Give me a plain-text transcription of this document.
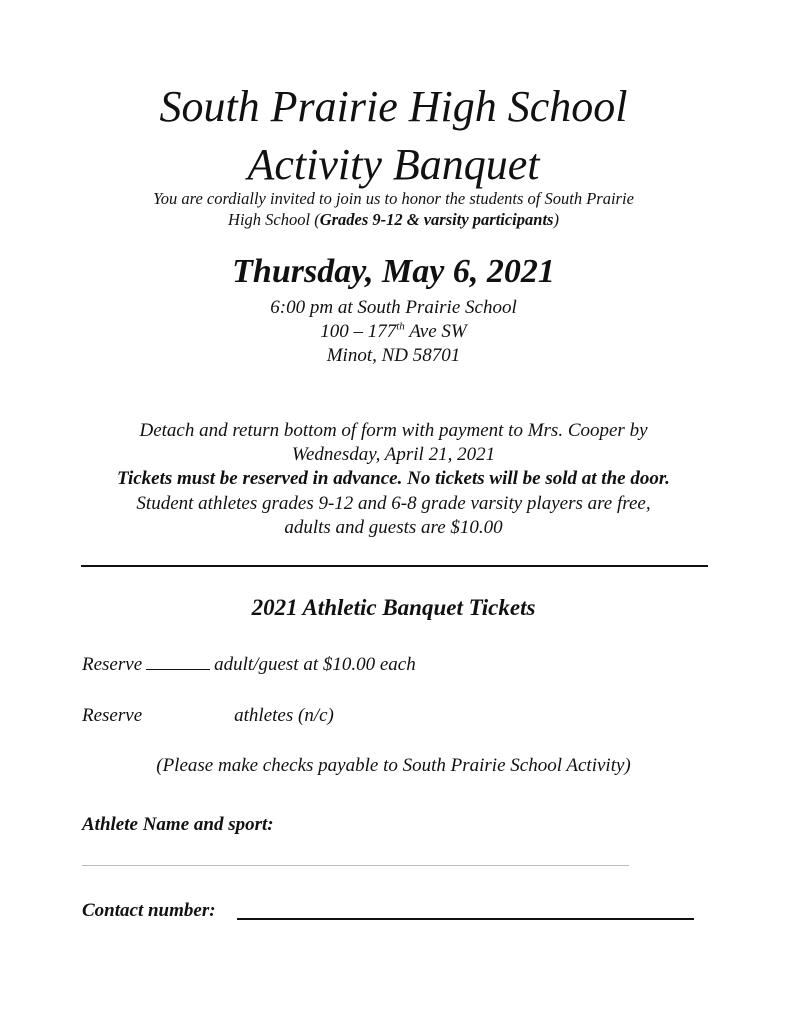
South Prairie High School
Activity Banquet
You are cordially invited to join us to honor the students of South Prairie
High School (Grades 9-12 & varsity participants)
Thursday, May 6, 2021
6:00 pm at South Prairie School
100 – 177th Ave SW
Minot, ND 58701
Detach and return bottom of form with payment to Mrs. Cooper by
Wednesday, April 21, 2021
Tickets must be reserved in advance. No tickets will be sold at the door.
Student athletes grades 9-12 and 6-8 grade varsity players are free,
adults and guests are $10.00
2021 Athletic Banquet Tickets
Reserve	adult/guest at $10.00 each
Reserve	athletes (n/c)
(Please make checks payable to South Prairie School Activity)
Athlete Name and sport:
Contact number:
